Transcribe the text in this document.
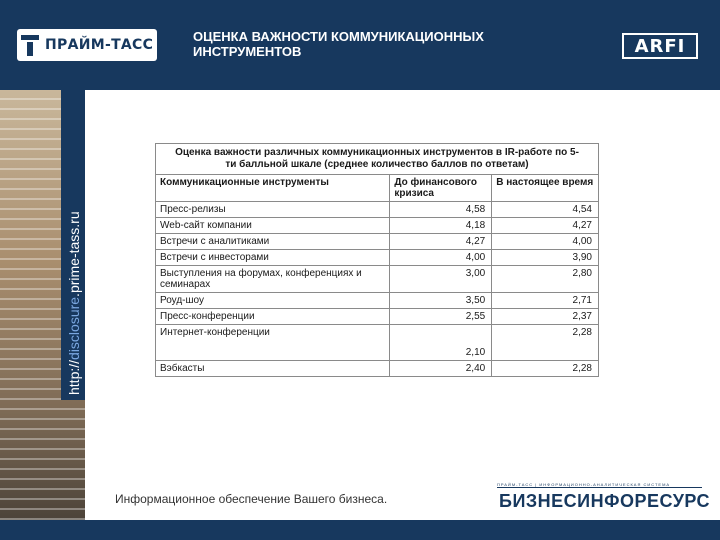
ПРАЙМ-ТАСС
ОЦЕНКА ВАЖНОСТИ КОММУНИКАЦИОННЫХ ИНСТРУМЕНТОВ	ARFI
http://disclosure.prime-tass.ru
Оценка важности различных коммуникационных инструментов в IR-работе по 5-ти балльной шкале (среднее количество баллов по ответам)		
Коммуникационные инструменты	До финансового кризиса	В настоящее время
Пресс-релизы	4,58	4,54
Web-сайт компании	4,18	4,27
Встречи с аналитиками	4,27	4,00
Встречи с инвесторами	4,00	3,90
Выступления на форумах, конференциях и семинарах	3,00	2,80
Роуд-шоу	3,50	2,71
Пресс-конференции	2,55	2,37
Интернет-конференции	2,10	2,28
Вэбкасты	2,40	2,28
Информационное обеспечение Вашего бизнеса.
ПРАЙМ-ТАСС | ИНФОРМАЦИОННО-АНАЛИТИЧЕСКАЯ СИСТЕМА
БИЗНЕСИНФОРЕСУРС
